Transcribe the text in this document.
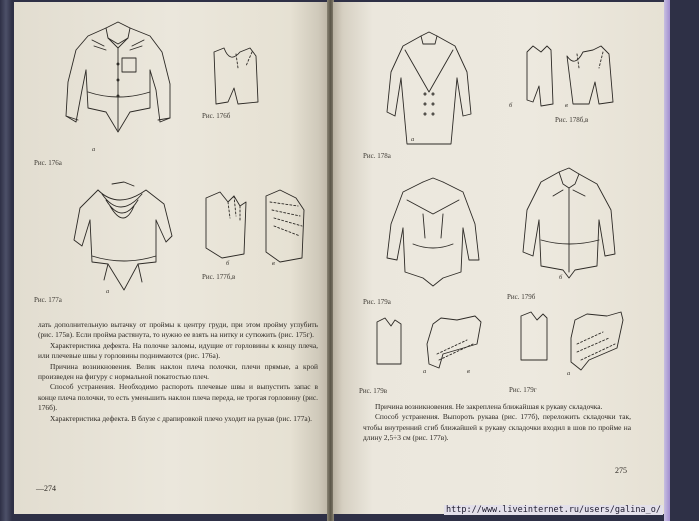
Рис. 176а
а
Рис. 176б
Рис. 177а
а
б	в
Рис. 177б,в

лать дополнительную вытачку от проймы к центру груди, при этом пройму углубить (рис. 175в). Если пройма растянута, то нужно ее взять на нитку и сутюжить (рис. 175г).

Характеристика дефекта. На полочке заломы, идущие от горловины к концу плеча, или плечевые швы у горловины поднимаются (рис. 176а).

Причина возникновения. Велик наклон плеча полочки, плечи прямые, а крой произведен на фигуру с нормальной покатостью плеч.

Способ устранения. Необходимо распороть плечевые швы и выпустить запас в конце плеча полочки, то есть уменьшить наклон плеча переда, не трогая горловину (рис. 176б).

Характеристика дефекта. В блузе с драпировкой плечо уходит на рукав (рис. 177а).

—274
а
Рис. 178а
б	в
Рис. 178б,в
Рис. 179а
б
Рис. 179б
а	в
Рис. 179в
а
Рис. 179г

Причина возникновения. Не закреплена ближайшая к рукаву складочка.

Способ устранения. Выпороть рукава (рис. 177б), переложить складочки так, чтобы внутренний сгиб ближайшей к рукаву складочки входил в шов по пройме на длину 2,5÷3 см (рис. 177в).

275
http://www.liveinternet.ru/users/galina_o/
